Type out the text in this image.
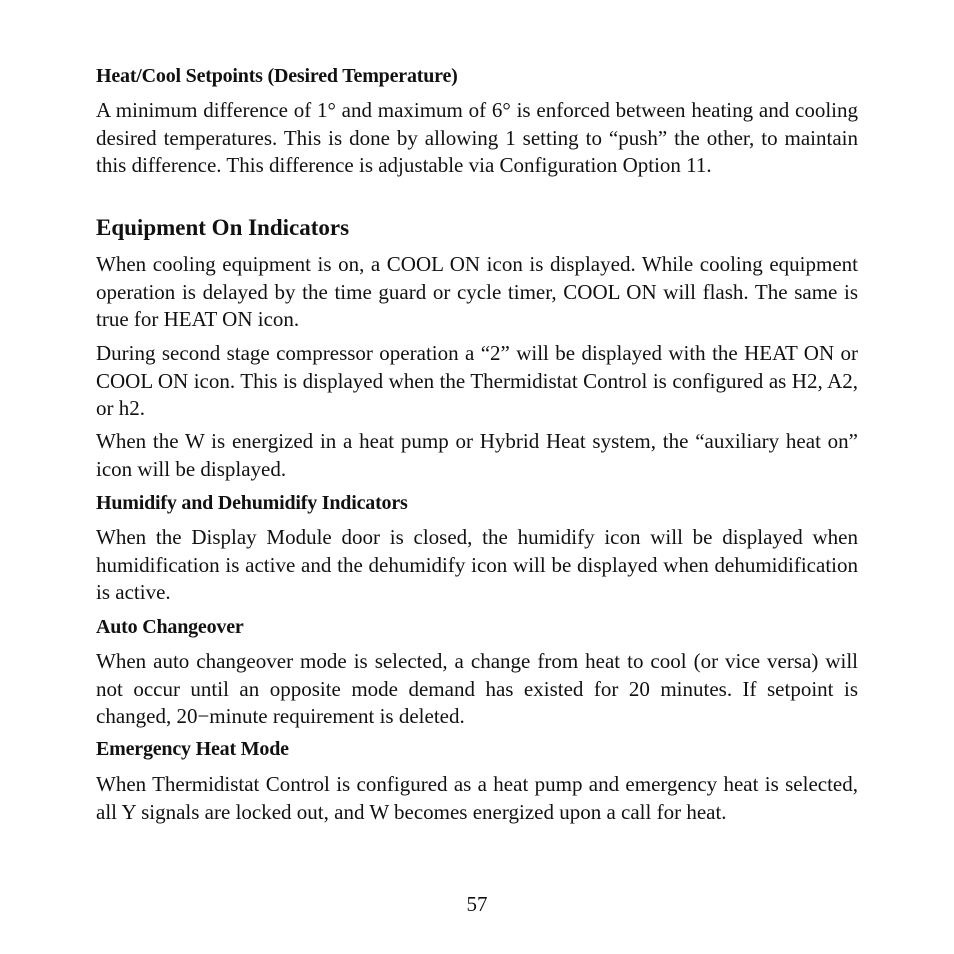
Heat/Cool Setpoints (Desired Temperature)

A minimum difference of 1° and maximum of 6° is enforced between heating and cooling desired temperatures. This is done by allowing 1 setting to “push” the other, to maintain this difference. This difference is adjustable via Configuration Option 11.

Equipment On Indicators

When cooling equipment is on, a COOL ON icon is displayed. While cooling equipment operation is delayed by the time guard or cycle timer, COOL ON will flash. The same is true for HEAT ON icon.

During second stage compressor operation a “2” will be displayed with the HEAT ON or COOL ON icon. This is displayed when the Thermidistat Control is configured as H2, A2, or h2.

When the W is energized in a heat pump or Hybrid Heat system, the “auxiliary heat on” icon will be displayed.

Humidify and Dehumidify Indicators

When the Display Module door is closed, the humidify icon will be displayed when humidification is active and the dehumidify icon will be displayed when dehumidification is active.

Auto Changeover

When auto changeover mode is selected, a change from heat to cool (or vice versa) will not occur until an opposite mode demand has existed for 20 minutes. If setpoint is changed, 20−minute requirement is deleted.

Emergency Heat Mode

When Thermidistat Control is configured as a heat pump and emergency heat is selected, all Y signals are locked out, and W becomes energized upon a call for heat.

57
